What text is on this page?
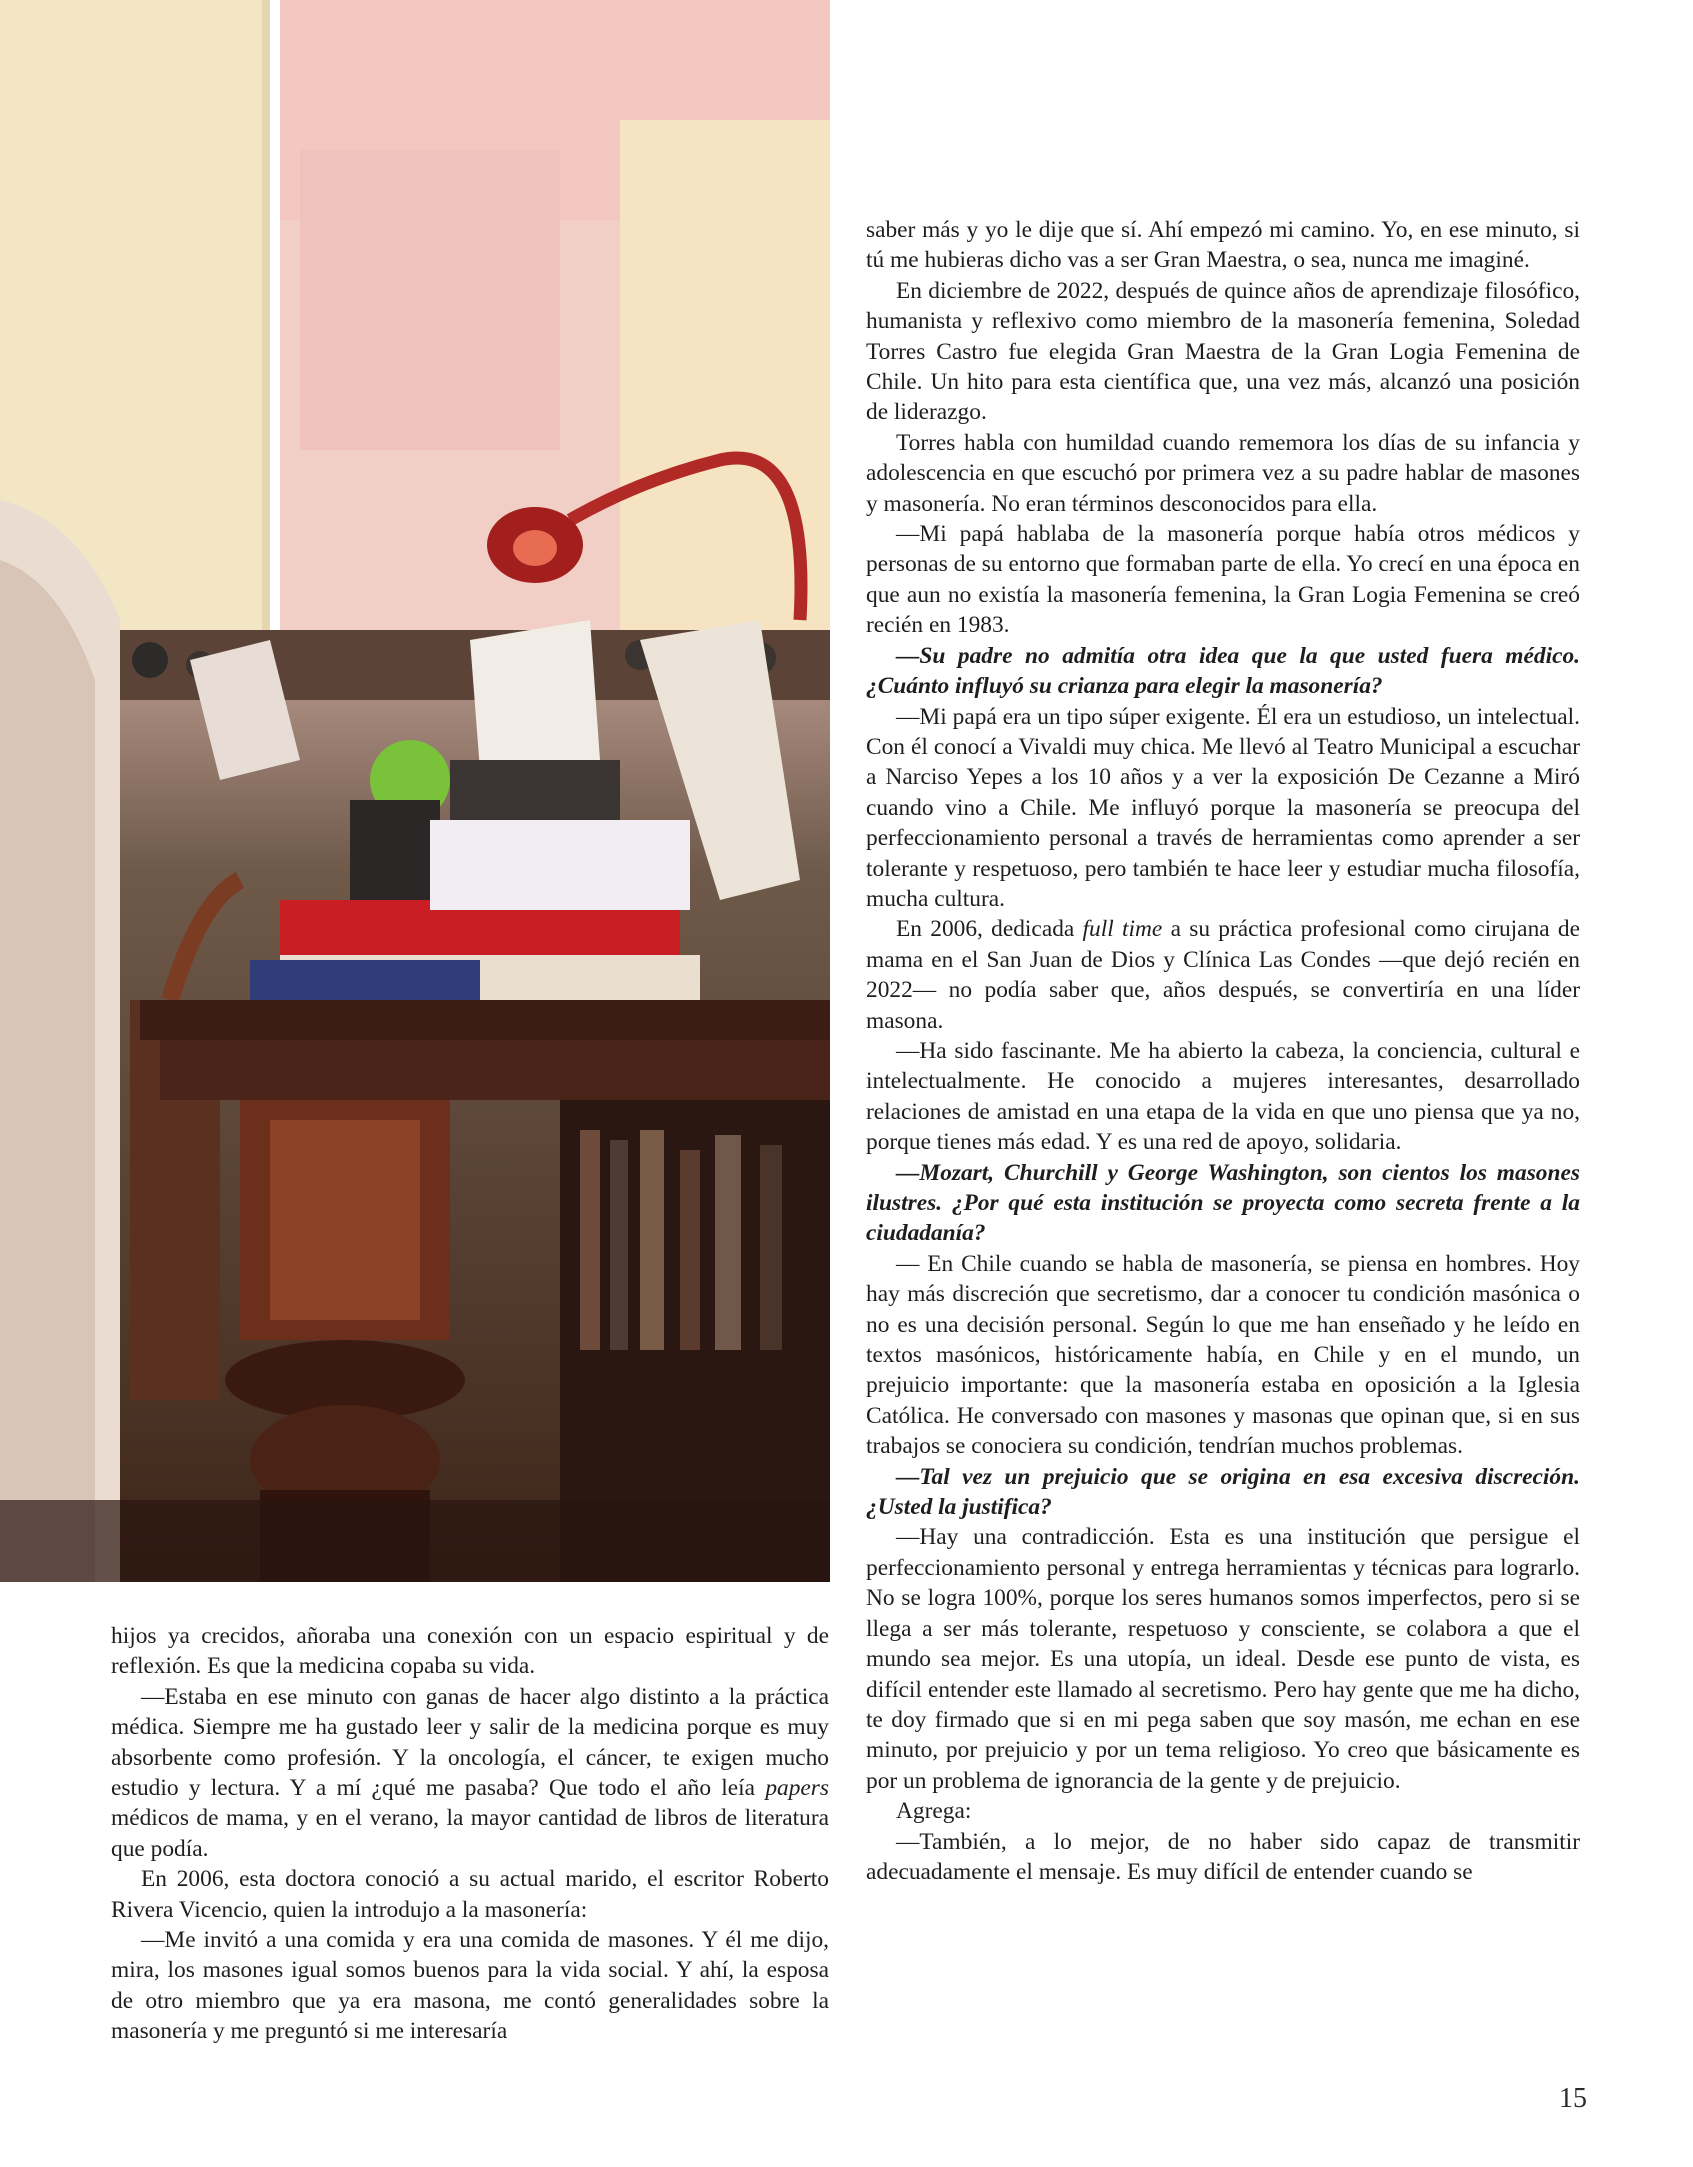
hijos ya crecidos, añoraba una conexión con un espacio espiritual y de reflexión. Es que la medicina copaba su vida.

—Estaba en ese minuto con ganas de hacer algo distinto a la práctica médica. Siempre me ha gustado leer y salir de la medicina porque es muy absorbente como profesión. Y la oncología, el cáncer, te exigen mucho estudio y lectura. Y a mí ¿qué me pasaba? Que todo el año leía papers médicos de mama, y en el verano, la mayor cantidad de libros de literatura que podía.

En 2006, esta doctora conoció a su actual marido, el escritor Roberto Rivera Vicencio, quien la introdujo a la masonería:

—Me invitó a una comida y era una comida de masones. Y él me dijo, mira, los masones igual somos buenos para la vida social. Y ahí, la esposa de otro miembro que ya era masona, me contó generalidades sobre la masonería y me preguntó si me interesaría

saber más y yo le dije que sí. Ahí empezó mi camino. Yo, en ese minuto, si tú me hubieras dicho vas a ser Gran Maestra, o sea, nunca me imaginé.

En diciembre de 2022, después de quince años de aprendizaje filosófico, humanista y reflexivo como miembro de la masonería femenina, Soledad Torres Castro fue elegida Gran Maestra de la Gran Logia Femenina de Chile. Un hito para esta científica que, una vez más, alcanzó una posición de liderazgo.

Torres habla con humildad cuando rememora los días de su infancia y adolescencia en que escuchó por primera vez a su padre hablar de masones y masonería. No eran términos desconocidos para ella.

—Mi papá hablaba de la masonería porque había otros médicos y personas de su entorno que formaban parte de ella. Yo crecí en una época en que aun no existía la masonería femenina, la Gran Logia Femenina se creó recién en 1983.

—Su padre no admitía otra idea que la que usted fuera médico. ¿Cuánto influyó su crianza para elegir la masonería?

—Mi papá era un tipo súper exigente. Él era un estudioso, un intelectual. Con él conocí a Vivaldi muy chica. Me llevó al Teatro Municipal a escuchar a Narciso Yepes a los 10 años y a ver la exposición De Cezanne a Miró cuando vino a Chile. Me influyó porque la masonería se preocupa del perfeccionamiento personal a través de herramientas como aprender a ser tolerante y respetuoso, pero también te hace leer y estudiar mucha filosofía, mucha cultura.

En 2006, dedicada full time a su práctica profesional como cirujana de mama en el San Juan de Dios y Clínica Las Condes —que dejó recién en 2022— no podía saber que, años después, se convertiría en una líder masona.

—Ha sido fascinante. Me ha abierto la cabeza, la conciencia, cultural e intelectualmente. He conocido a mujeres interesantes, desarrollado relaciones de amistad en una etapa de la vida en que uno piensa que ya no, porque tienes más edad. Y es una red de apoyo, solidaria.

—Mozart, Churchill y George Washington, son cientos los masones ilustres. ¿Por qué esta institución se proyecta como secreta frente a la ciudadanía?

— En Chile cuando se habla de masonería, se piensa en hombres. Hoy hay más discreción que secretismo, dar a conocer tu condición masónica o no es una decisión personal. Según lo que me han enseñado y he leído en textos masónicos, históricamente había, en Chile y en el mundo, un prejuicio importante: que la masonería estaba en oposición a la Iglesia Católica. He conversado con masones y masonas que opinan que, si en sus trabajos se conociera su condición, tendrían muchos problemas.

—Tal vez un prejuicio que se origina en esa excesiva discreción. ¿Usted la justifica?

—Hay una contradicción. Esta es una institución que persigue el perfeccionamiento personal y entrega herramientas y técnicas para lograrlo. No se logra 100%, porque los seres humanos somos imperfectos, pero si se llega a ser más tolerante, respetuoso y consciente, se colabora a que el mundo sea mejor. Es una utopía, un ideal. Desde ese punto de vista, es difícil entender este llamado al secretismo. Pero hay gente que me ha dicho, te doy firmado que si en mi pega saben que soy masón, me echan en ese minuto, por prejuicio y por un tema religioso. Yo creo que básicamente es por un problema de ignorancia de la gente y de prejuicio.

Agrega:

—También, a lo mejor, de no haber sido capaz de transmitir adecuadamente el mensaje. Es muy difícil de entender cuando se

15
